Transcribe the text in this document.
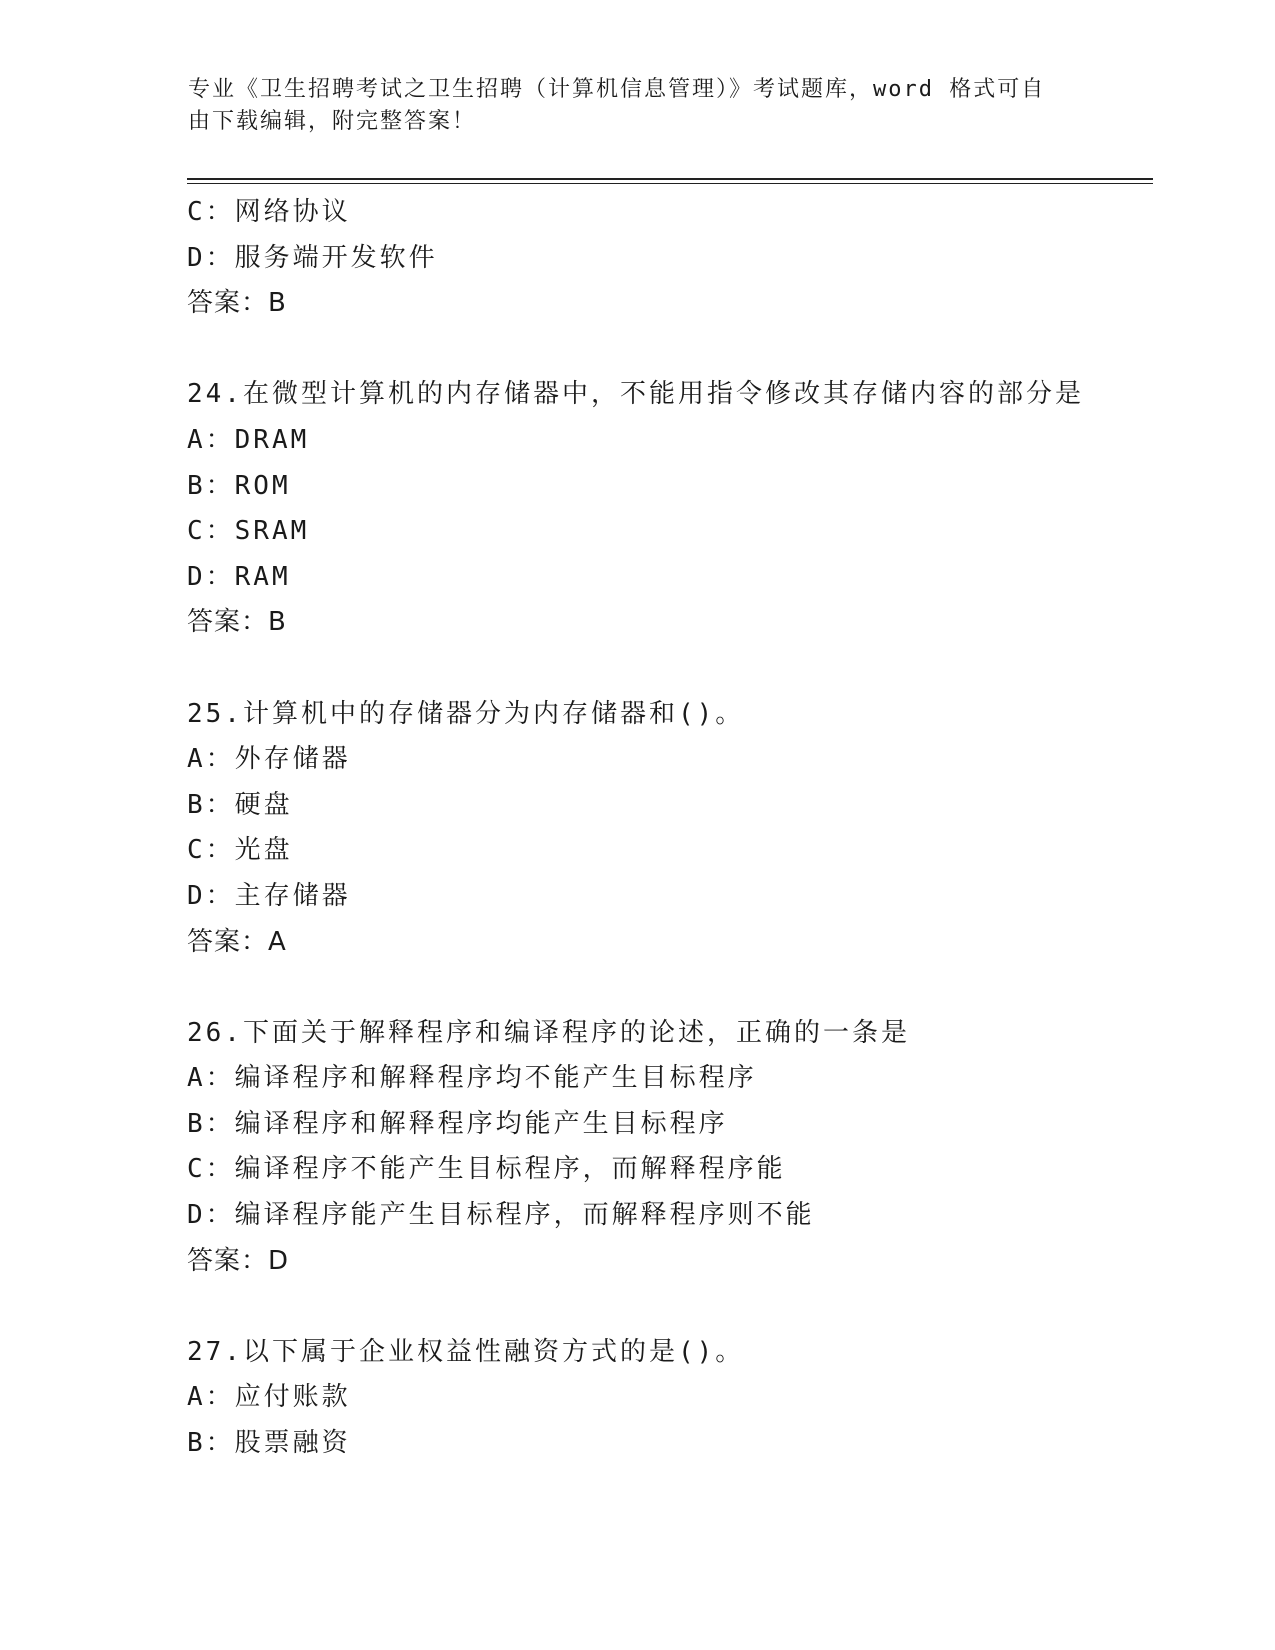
专业《卫生招聘考试之卫生招聘（计算机信息管理）》考试题库，word 格式可自
由下载编辑，附完整答案！
C：网络协议
D：服务端开发软件
答案：B
24.在微型计算机的内存储器中，不能用指令修改其存储内容的部分是
A：DRAM
B：ROM
C：SRAM
D：RAM
答案：B
25.计算机中的存储器分为内存储器和()。
A：外存储器
B：硬盘
C：光盘
D：主存储器
答案：A
26.下面关于解释程序和编译程序的论述，正确的一条是
A：编译程序和解释程序均不能产生目标程序
B：编译程序和解释程序均能产生目标程序
C：编译程序不能产生目标程序，而解释程序能
D：编译程序能产生目标程序，而解释程序则不能
答案：D
27.以下属于企业权益性融资方式的是()。
A：应付账款
B：股票融资
